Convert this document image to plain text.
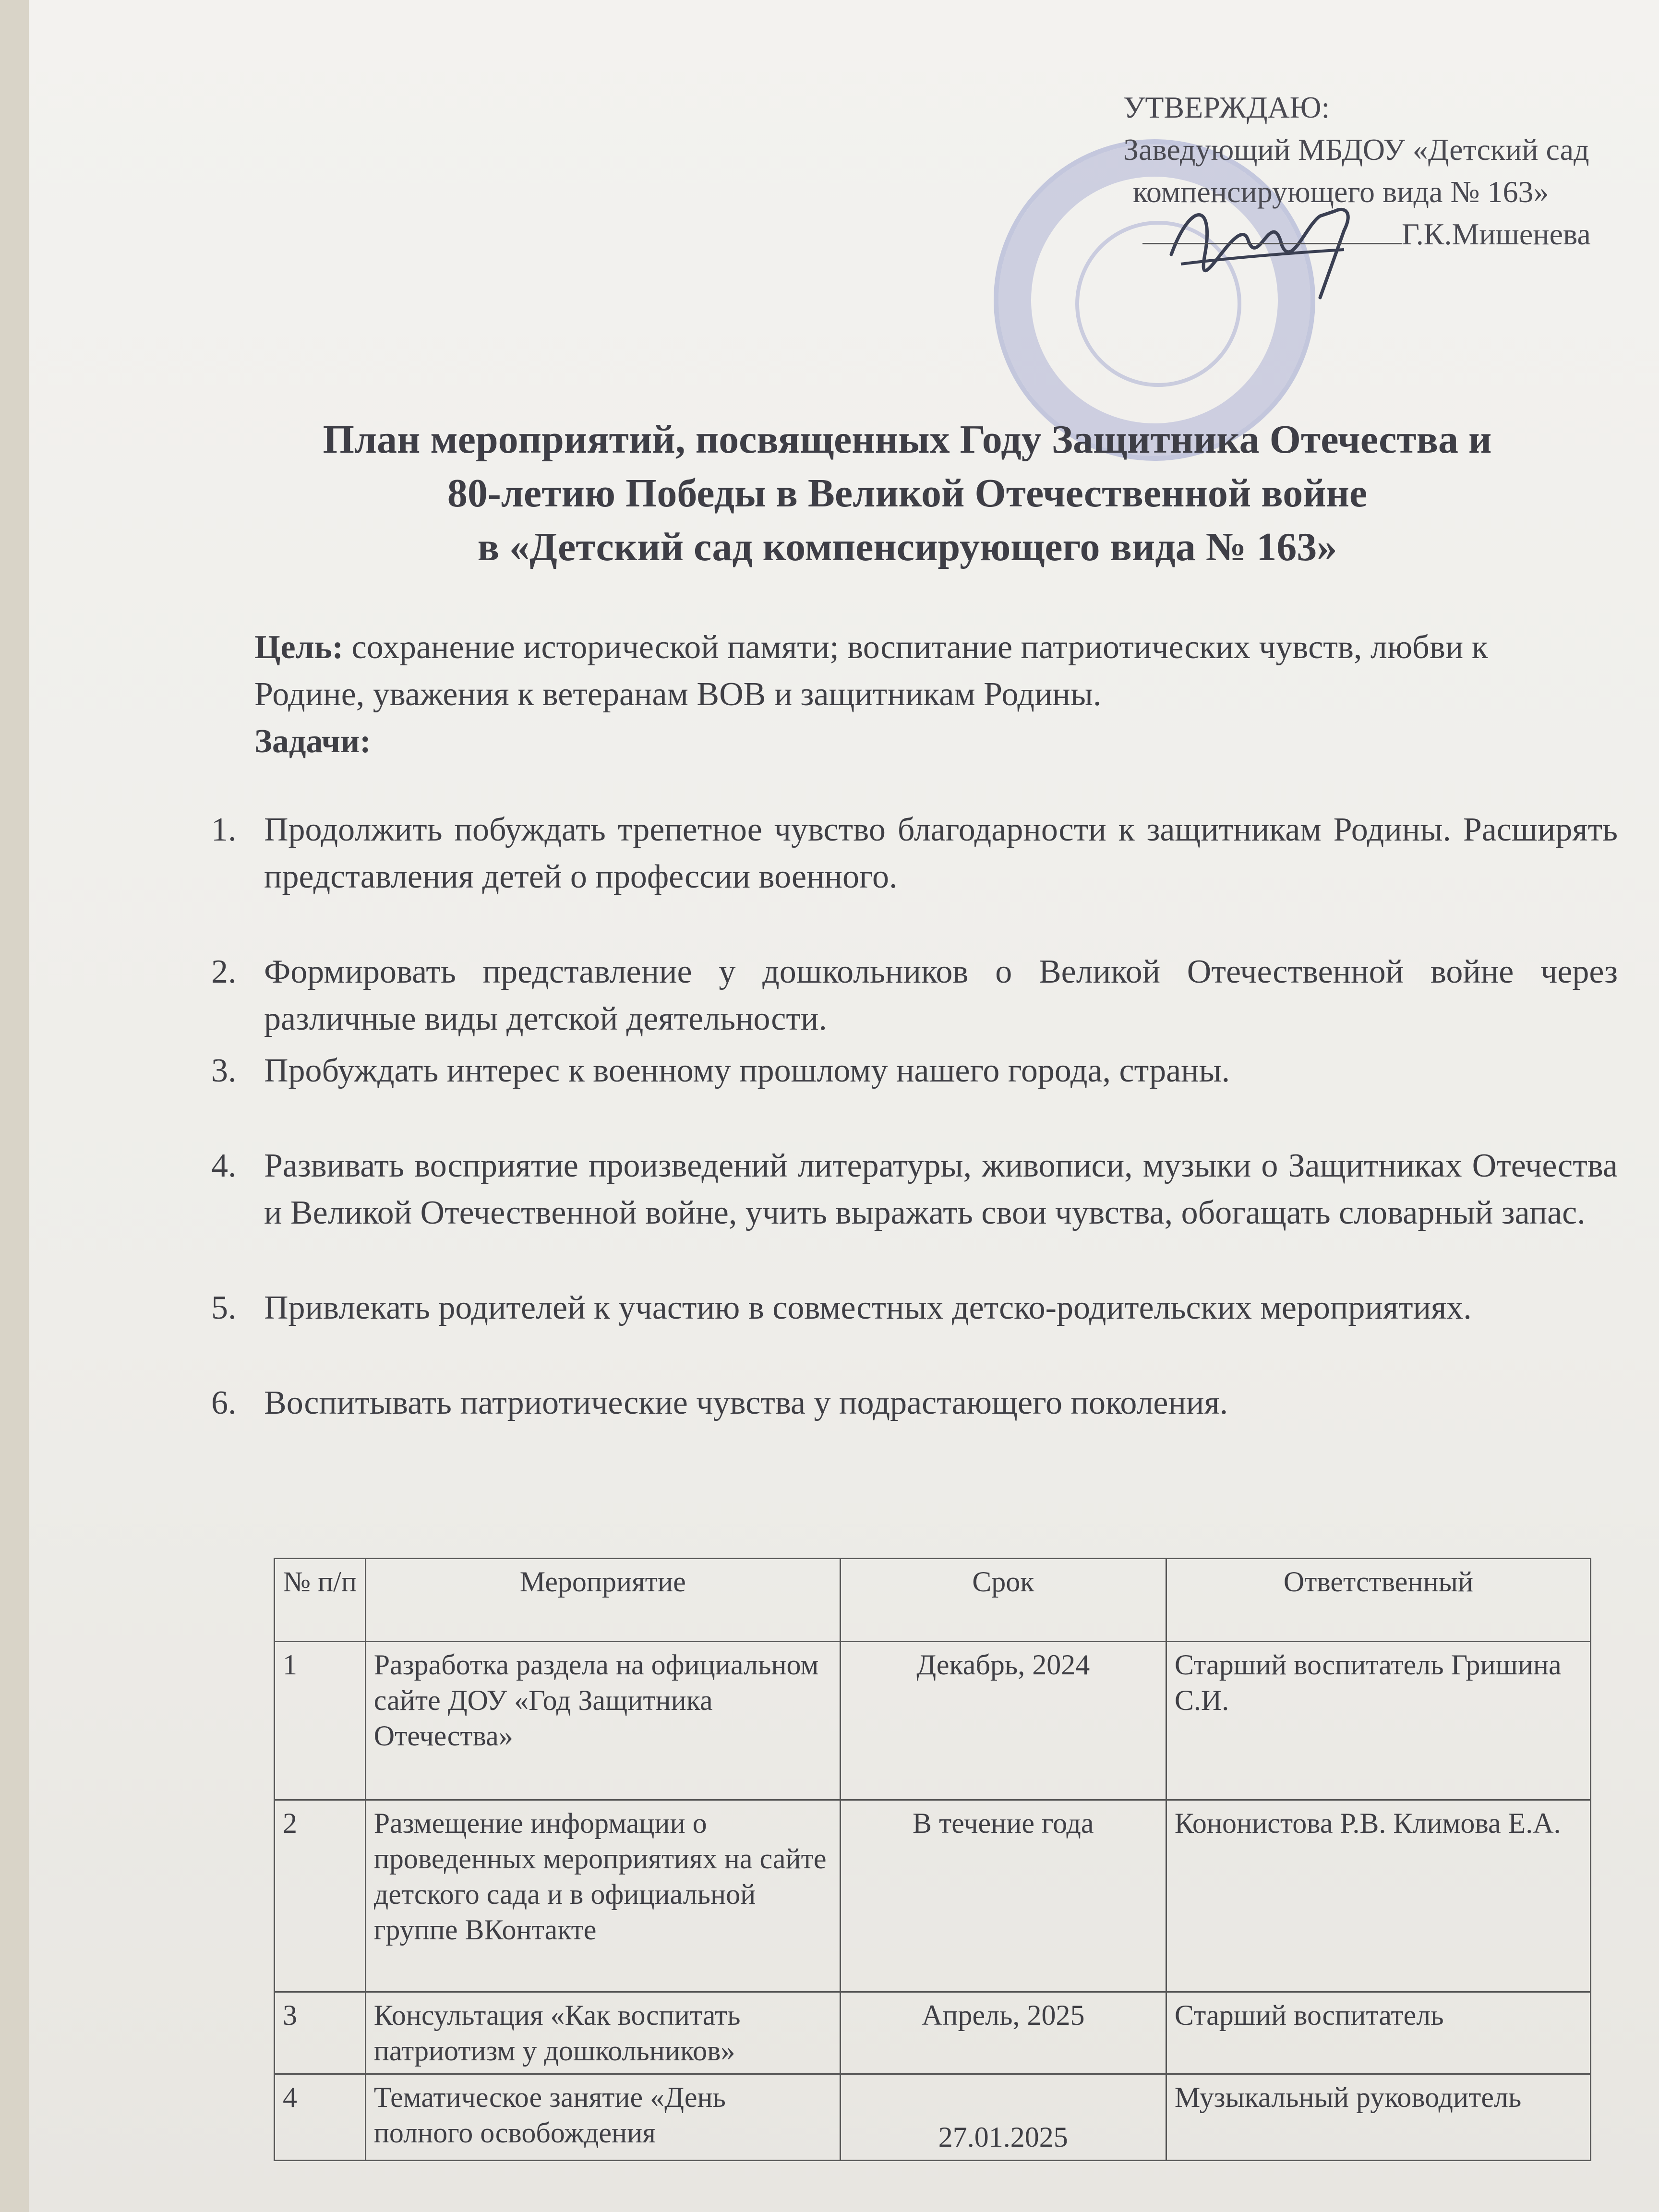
УТВЕРЖДАЮ:
Заведующий МБДОУ «Детский сад
компенсирующего вида № 163»
Г.К.Мишенева
План мероприятий, посвященных Году Защитника Отечества и
80-летию Победы в Великой Отечественной войне
в «Детский сад компенсирующего вида № 163»
Цель: сохранение исторической памяти; воспитание патриотических чувств, любви к Родине, уважения к ветеранам ВОВ и защитникам Родины.
Задачи:
1. Продолжить побуждать трепетное чувство благодарности к защитникам Родины. Расширять представления детей о профессии военного.
2. Формировать представление у дошкольников о Великой Отечественной войне через различные виды детской деятельности.
3. Пробуждать интерес к военному прошлому нашего города, страны.
4. Развивать восприятие произведений литературы, живописи, музыки о Защитниках Отечества и Великой Отечественной войне, учить выражать свои чувства, обогащать словарный запас.
5. Привлекать родителей к участию в совместных детско-родительских мероприятиях.
6. Воспитывать патриотические чувства у подрастающего поколения.
№ п/п	Мероприятие	Срок	Ответственный
1	Разработка раздела на официальном сайте ДОУ «Год Защитника Отечества»	Декабрь, 2024	Старший воспитатель Гришина С.И.
2	Размещение информации о проведенных мероприятиях на сайте детского сада и в официальной группе ВКонтакте	В течение года	Кононистова Р.В. Климова Е.А.
3	Консультация «Как воспитать патриотизм у дошкольников»	Апрель, 2025	Старший воспитатель
4	Тематическое занятие «День полного освобождения	27.01.2025	Музыкальный руководитель
